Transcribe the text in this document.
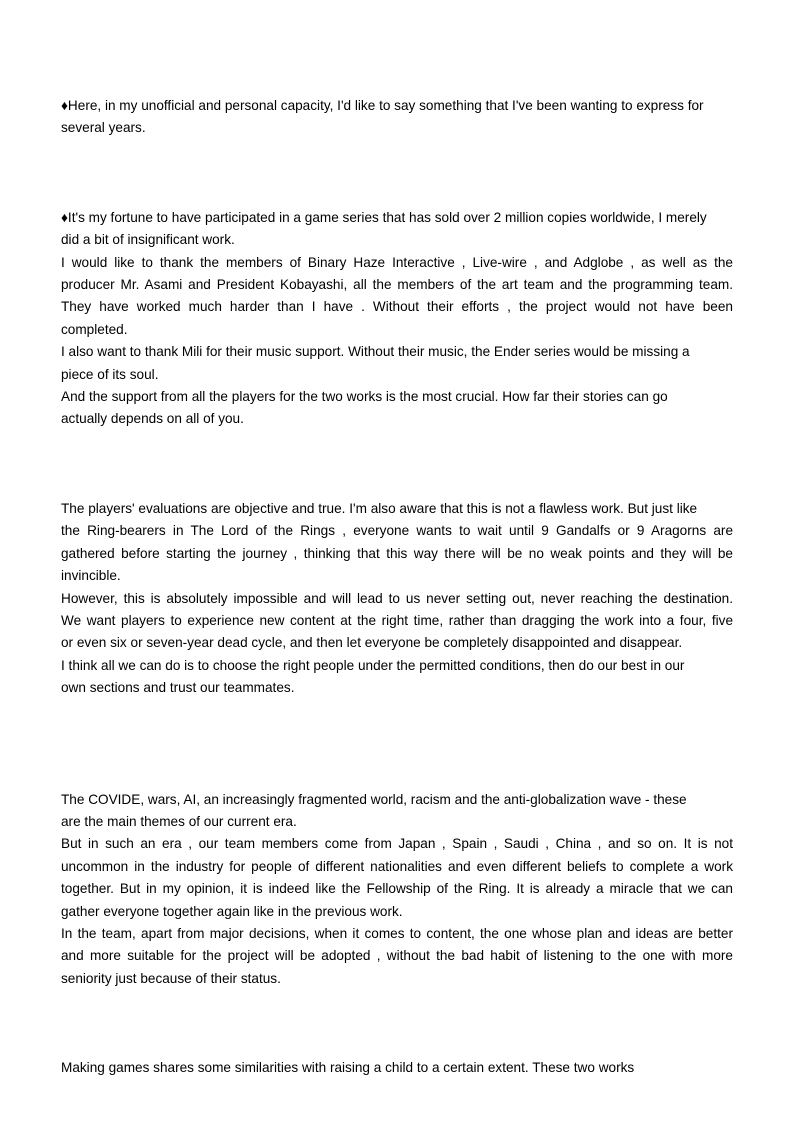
♦Here, in my unofficial and personal capacity, I'd like to say something that I've been wanting to express for

several years.

♦It's my fortune to have participated in a game series that has sold over 2 million copies worldwide, I merely

did a bit of insignificant work.

I would like to thank the members of Binary Haze Interactive , Live-wire , and Adglobe , as well as the

producer Mr. Asami and President Kobayashi, all the members of the art team and the programming team.

They have worked much harder than I have . Without their efforts , the project would not have been

completed.

I also want to thank Mili for their music support. Without their music, the Ender series would be missing a

piece of its soul.

And the support from all the players for the two works is the most crucial. How far their stories can go

actually depends on all of you.

The players' evaluations are objective and true. I'm also aware that this is not a flawless work. But just like

the Ring-bearers in The Lord of the Rings , everyone wants to wait until 9 Gandalfs or 9 Aragorns are

gathered before starting the journey , thinking that this way there will be no weak points and they will be

invincible.

However, this is absolutely impossible and will lead to us never setting out, never reaching the destination.

We want players to experience new content at the right time, rather than dragging the work into a four, five

or even six or seven-year dead cycle, and then let everyone be completely disappointed and disappear.

I think all we can do is to choose the right people under the permitted conditions, then do our best in our

own sections and trust our teammates.

The COVIDE, wars, AI, an increasingly fragmented world, racism and the anti-globalization wave - these

are the main themes of our current era.

But in such an era , our team members come from Japan , Spain , Saudi , China , and so on. It is not

uncommon in the industry for people of different nationalities and even different beliefs to complete a work

together. But in my opinion, it is indeed like the Fellowship of the Ring. It is already a miracle that we can

gather everyone together again like in the previous work.

In the team, apart from major decisions, when it comes to content, the one whose plan and ideas are better

and more suitable for the project will be adopted , without the bad habit of listening to the one with more

seniority just because of their status.

Making games shares some similarities with raising a child to a certain extent. These two works
